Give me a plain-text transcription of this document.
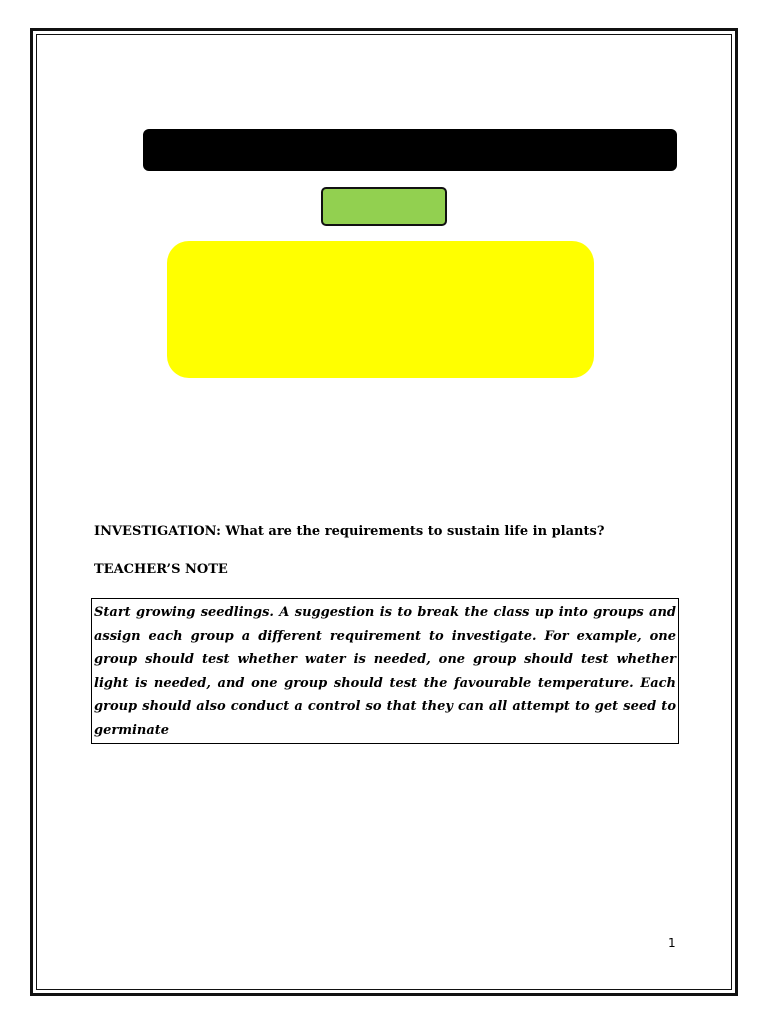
INVESTIGATION: What are the requirements to sustain life in plants?
TEACHER’S NOTE

Start growing seedlings. A suggestion is to break the class up into groups and assign each group a different requirement to investigate. For example, one group should test whether water is needed, one group should test whether light is needed, and one group should test the favourable temperature. Each group should also conduct a control so that they can all attempt to get seed to germinate

1
